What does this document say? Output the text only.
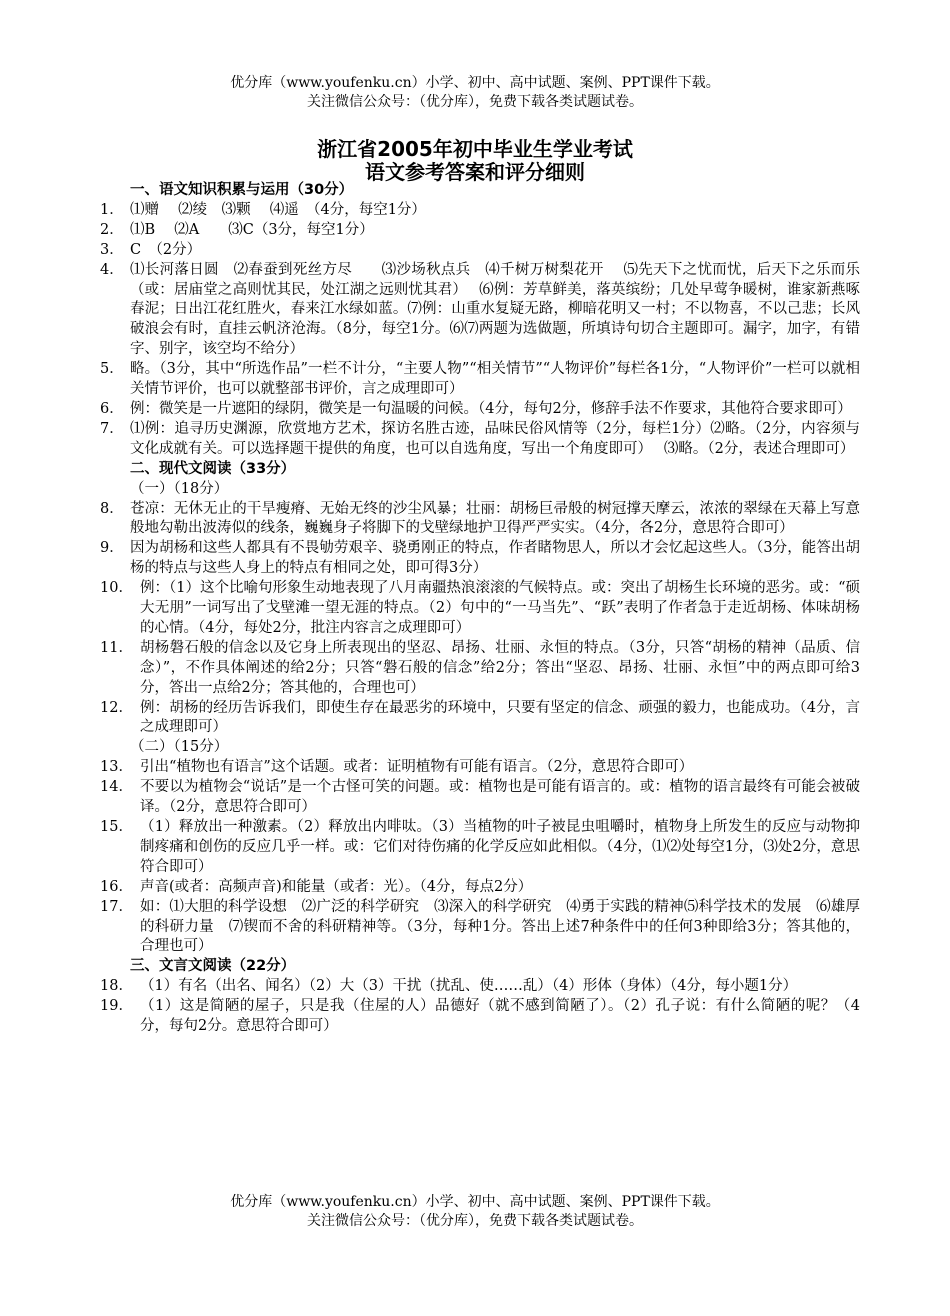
优分库（www.youfenku.cn）小学、初中、高中试题、案例、PPT课件下载。
关注微信公众号：（优分库），免费下载各类试题试卷。
浙江省2005年初中毕业生学业考试
语文参考答案和评分细则
一、语文知识积累与运用（30分）
1． ⑴赠　 ⑵绫　⑶颗　 ⑷遥　（4分，每空1分）
2． ⑴B　 ⑵A　　⑶C（3分，每空1分）
3． C　（2分）
4． ⑴长河落日圆　⑵春蚕到死丝方尽　　⑶沙场秋点兵　⑷千树万树梨花开　 ⑸先天下之忧而忧，后天下之乐而乐　（或：居庙堂之高则忧其民，处江湖之远则忧其君）　 ⑹例：芳草鲜美，落英缤纷；几处早莺争暖树，谁家新燕啄春泥；日出江花红胜火，春来江水绿如蓝。⑺例：山重水复疑无路，柳暗花明又一村；不以物喜，不以己悲；长风破浪会有时，直挂云帆济沧海。（8分，每空1分。⑹⑺两题为选做题，所填诗句切合主题即可。漏字，加字，有错字、别字，该空均不给分）
5． 略。（3分，其中“所选作品”一栏不计分，“主要人物”“相关情节”“人物评价”每栏各1分，“人物评价”一栏可以就相关情节评价，也可以就整部书评价，言之成理即可）
6． 例：微笑是一片遮阳的绿阴，微笑是一句温暖的问候。（4分，每句2分，修辞手法不作要求，其他符合要求即可）
7． ⑴例：追寻历史渊源，欣赏地方艺术，探访名胜古迹，品味民俗风情等（2分，每栏1分）⑵略。（2分，内容须与文化成就有关。可以选择题干提供的角度，也可以自选角度，写出一个角度即可）　 ⑶略。（2分，表述合理即可）
二、现代文阅读（33分）
（一）（18分）
8． 苍凉：无休无止的干旱瘦瘠、无始无终的沙尘风暴；壮丽：胡杨巨帚般的树冠撑天摩云，浓浓的翠绿在天幕上写意般地勾勒出波涛似的线条，巍巍身子将脚下的戈壁绿地护卫得严严实实。（4分，各2分，意思符合即可）
9． 因为胡杨和这些人都具有不畏劬劳艰辛、骁勇刚正的特点，作者睹物思人，所以才会忆起这些人。（3分，能答出胡杨的特点与这些人身上的特点有相同之处，即可得3分）
10． 例：（1）这个比喻句形象生动地表现了八月南疆热浪滚滚的气候特点。或：突出了胡杨生长环境的恶劣。或：“硕大无朋”一词写出了戈壁滩一望无涯的特点。（2）句中的“一马当先”、“跃”表明了作者急于走近胡杨、体味胡杨的心情。（4分，每处2分，批注内容言之成理即可）
11． 胡杨磐石般的信念以及它身上所表现出的坚忍、昂扬、壮丽、永恒的特点。（3分，只答“胡杨的精神（品质、信念）”，不作具体阐述的给2分；只答“磐石般的信念”给2分；答出“坚忍、昂扬、壮丽、永恒”中的两点即可给3分，答出一点给2分；答其他的，合理也可）
12． 例：胡杨的经历告诉我们，即使生存在最恶劣的环境中，只要有坚定的信念、顽强的毅力，也能成功。（4分，言之成理即可）
（二）（15分）
13． 引出“植物也有语言”这个话题。或者：证明植物有可能有语言。（2分，意思符合即可）
14． 不要以为植物会“说话”是一个古怪可笑的问题。或：植物也是可能有语言的。或：植物的语言最终有可能会被破译。（2分，意思符合即可）
15． （1）释放出一种激素。（2）释放出内啡呔。（3）当植物的叶子被昆虫咀嚼时，植物身上所发生的反应与动物抑制疼痛和创伤的反应几乎一样。或：它们对待伤痛的化学反应如此相似。（4分，⑴⑵处每空1分，⑶处2分，意思符合即可）
16． 声音(或者：高频声音)和能量（或者：光）。（4分，每点2分）
17． 如：⑴大胆的科学设想　⑵广泛的科学研究　⑶深入的科学研究　⑷勇于实践的精神⑸科学技术的发展　⑹雄厚的科研力量　⑺锲而不舍的科研精神等。（3分，每种1分。答出上述7种条件中的任何3种即给3分；答其他的，合理也可）
三、文言文阅读（22分）
18． （1）有名（出名、闻名）（2）大（3）干扰（扰乱、使……乱）（4）形体（身体）（4分，每小题1分）
19． （1）这是简陋的屋子，只是我（住屋的人）品德好（就不感到简陋了）。（2）孔子说：有什么简陋的呢？（4分，每句2分。意思符合即可）
优分库（www.youfenku.cn）小学、初中、高中试题、案例、PPT课件下载。
关注微信公众号：（优分库），免费下载各类试题试卷。
